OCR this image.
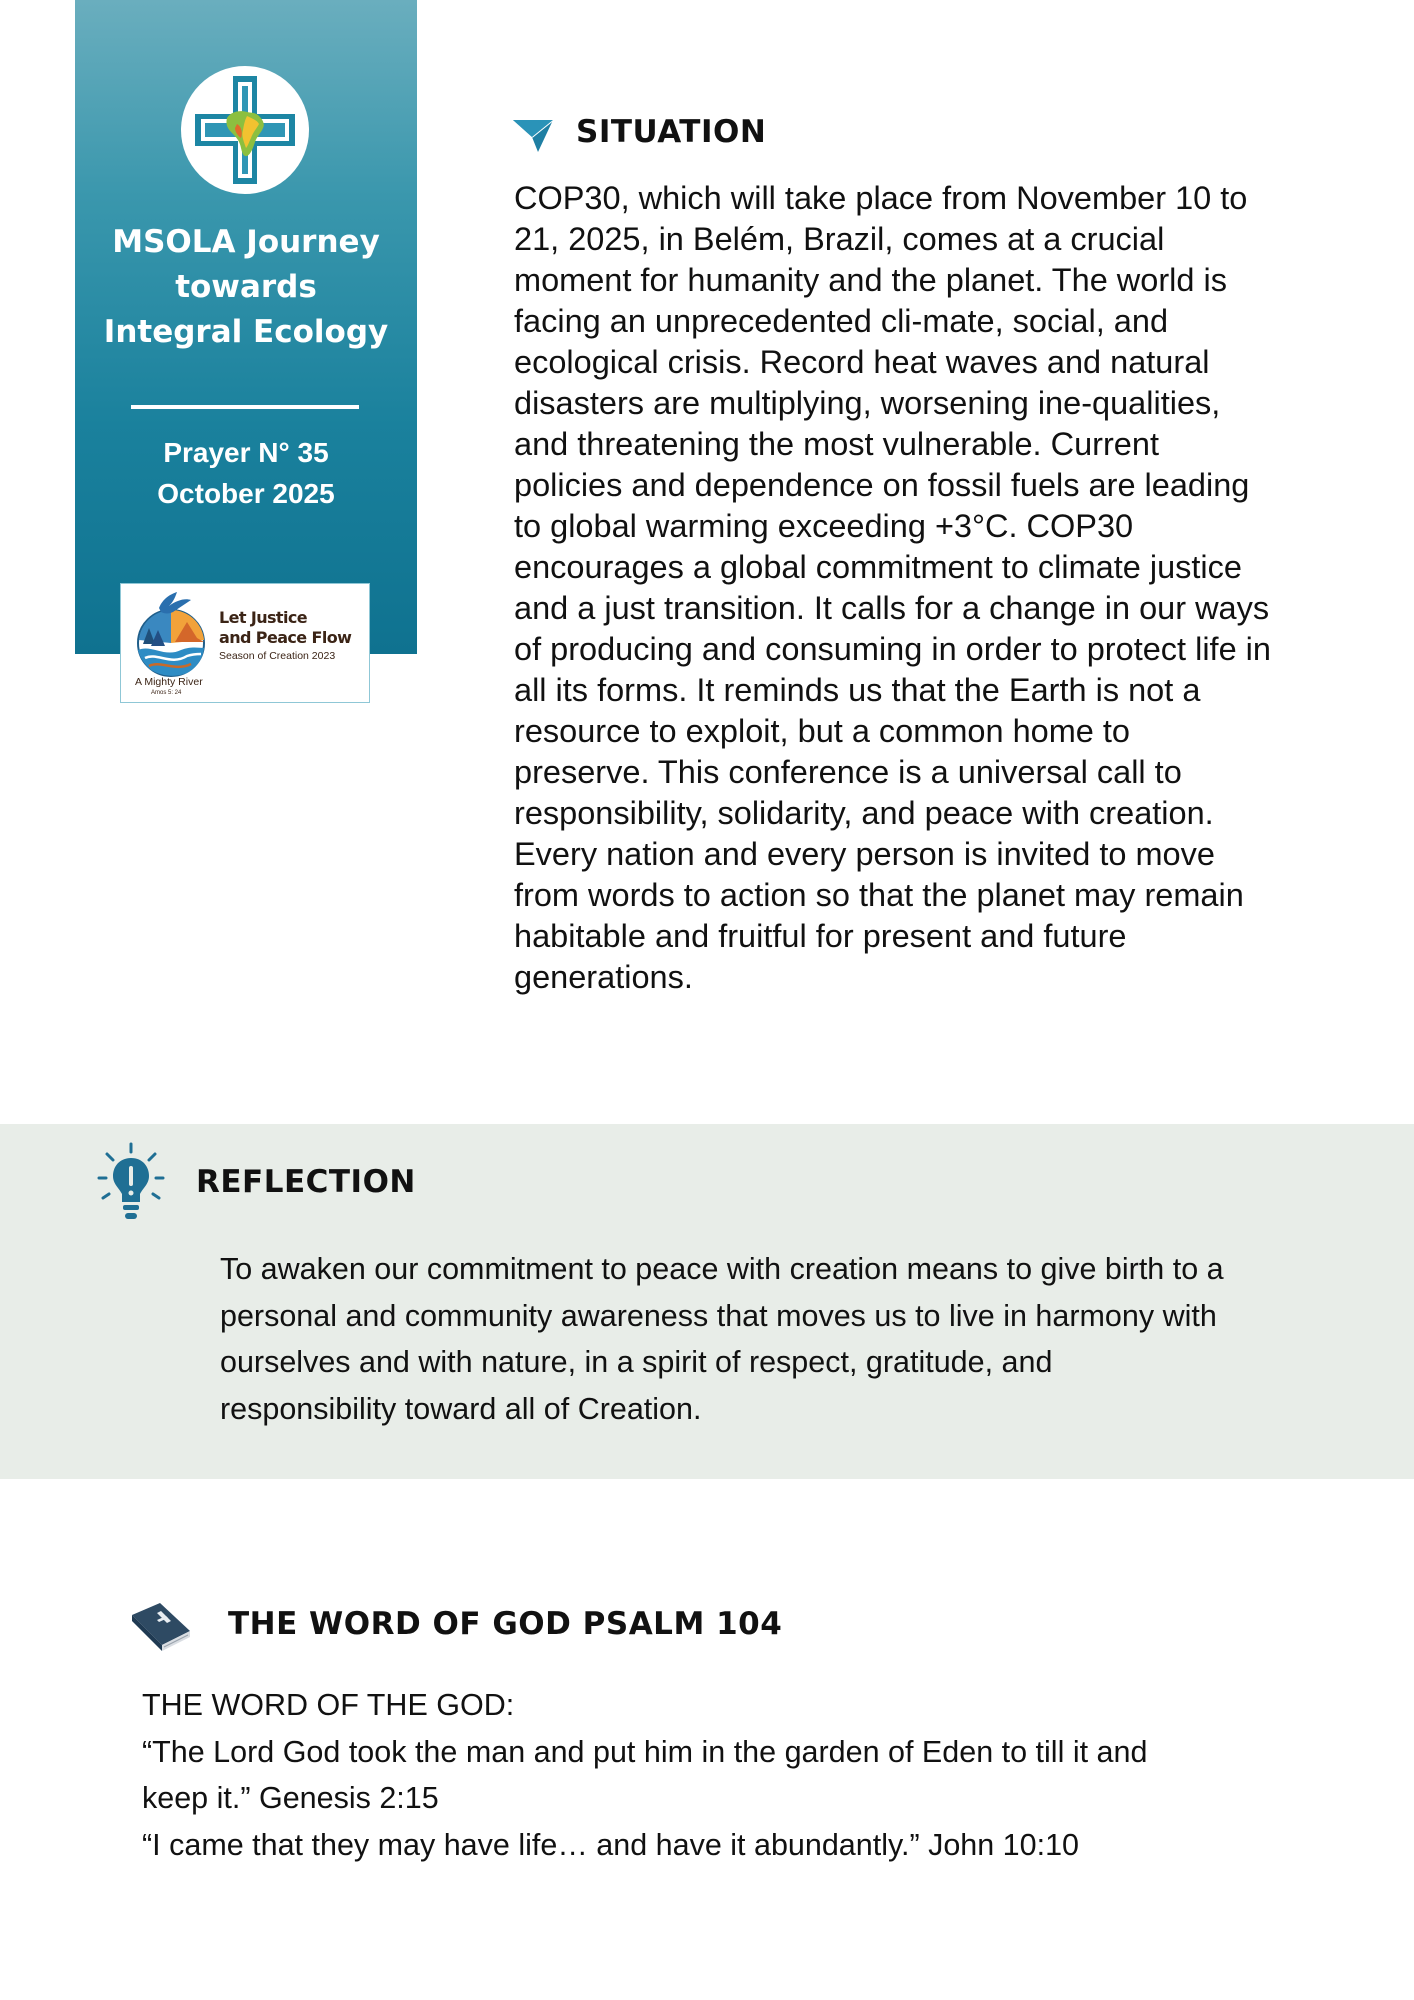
MSOLA Journey
towards
Integral Ecology
Prayer N° 35
October 2025
Let Justice
and Peace Flow
Season of Creation 2023
A Mighty River
Amos 5: 24
SITUATION
COP30, which will take place from November 10 to
21, 2025, in Belém, Brazil, comes at a crucial
moment for humanity and the planet. The world is
facing an unprecedented cli-mate, social, and
ecological crisis. Record heat waves and natural
disasters are multiplying, worsening ine-qualities,
and threatening the most vulnerable. Current
policies and dependence on fossil fuels are leading
to global warming exceeding +3°C. COP30
encourages a global commitment to climate justice
and a just transition. It calls for a change in our ways
of producing and consuming in order to protect life in
all its forms. It reminds us that the Earth is not a
resource to exploit, but a common home to
preserve. This conference is a universal call to
responsibility, solidarity, and peace with creation.
Every nation and every person is invited to move
from words to action so that the planet may remain
habitable and fruitful for present and future
generations.
REFLECTION
To awaken our commitment to peace with creation means to give birth to a
personal and community awareness that moves us to live in harmony with
ourselves and with nature, in a spirit of respect, gratitude, and
responsibility toward all of Creation.
THE WORD OF GOD PSALM 104
THE WORD OF THE GOD:
“The Lord God took the man and put him in the garden of Eden to till it and
keep it.” Genesis 2:15
“I came that they may have life… and have it abundantly.” John 10:10
